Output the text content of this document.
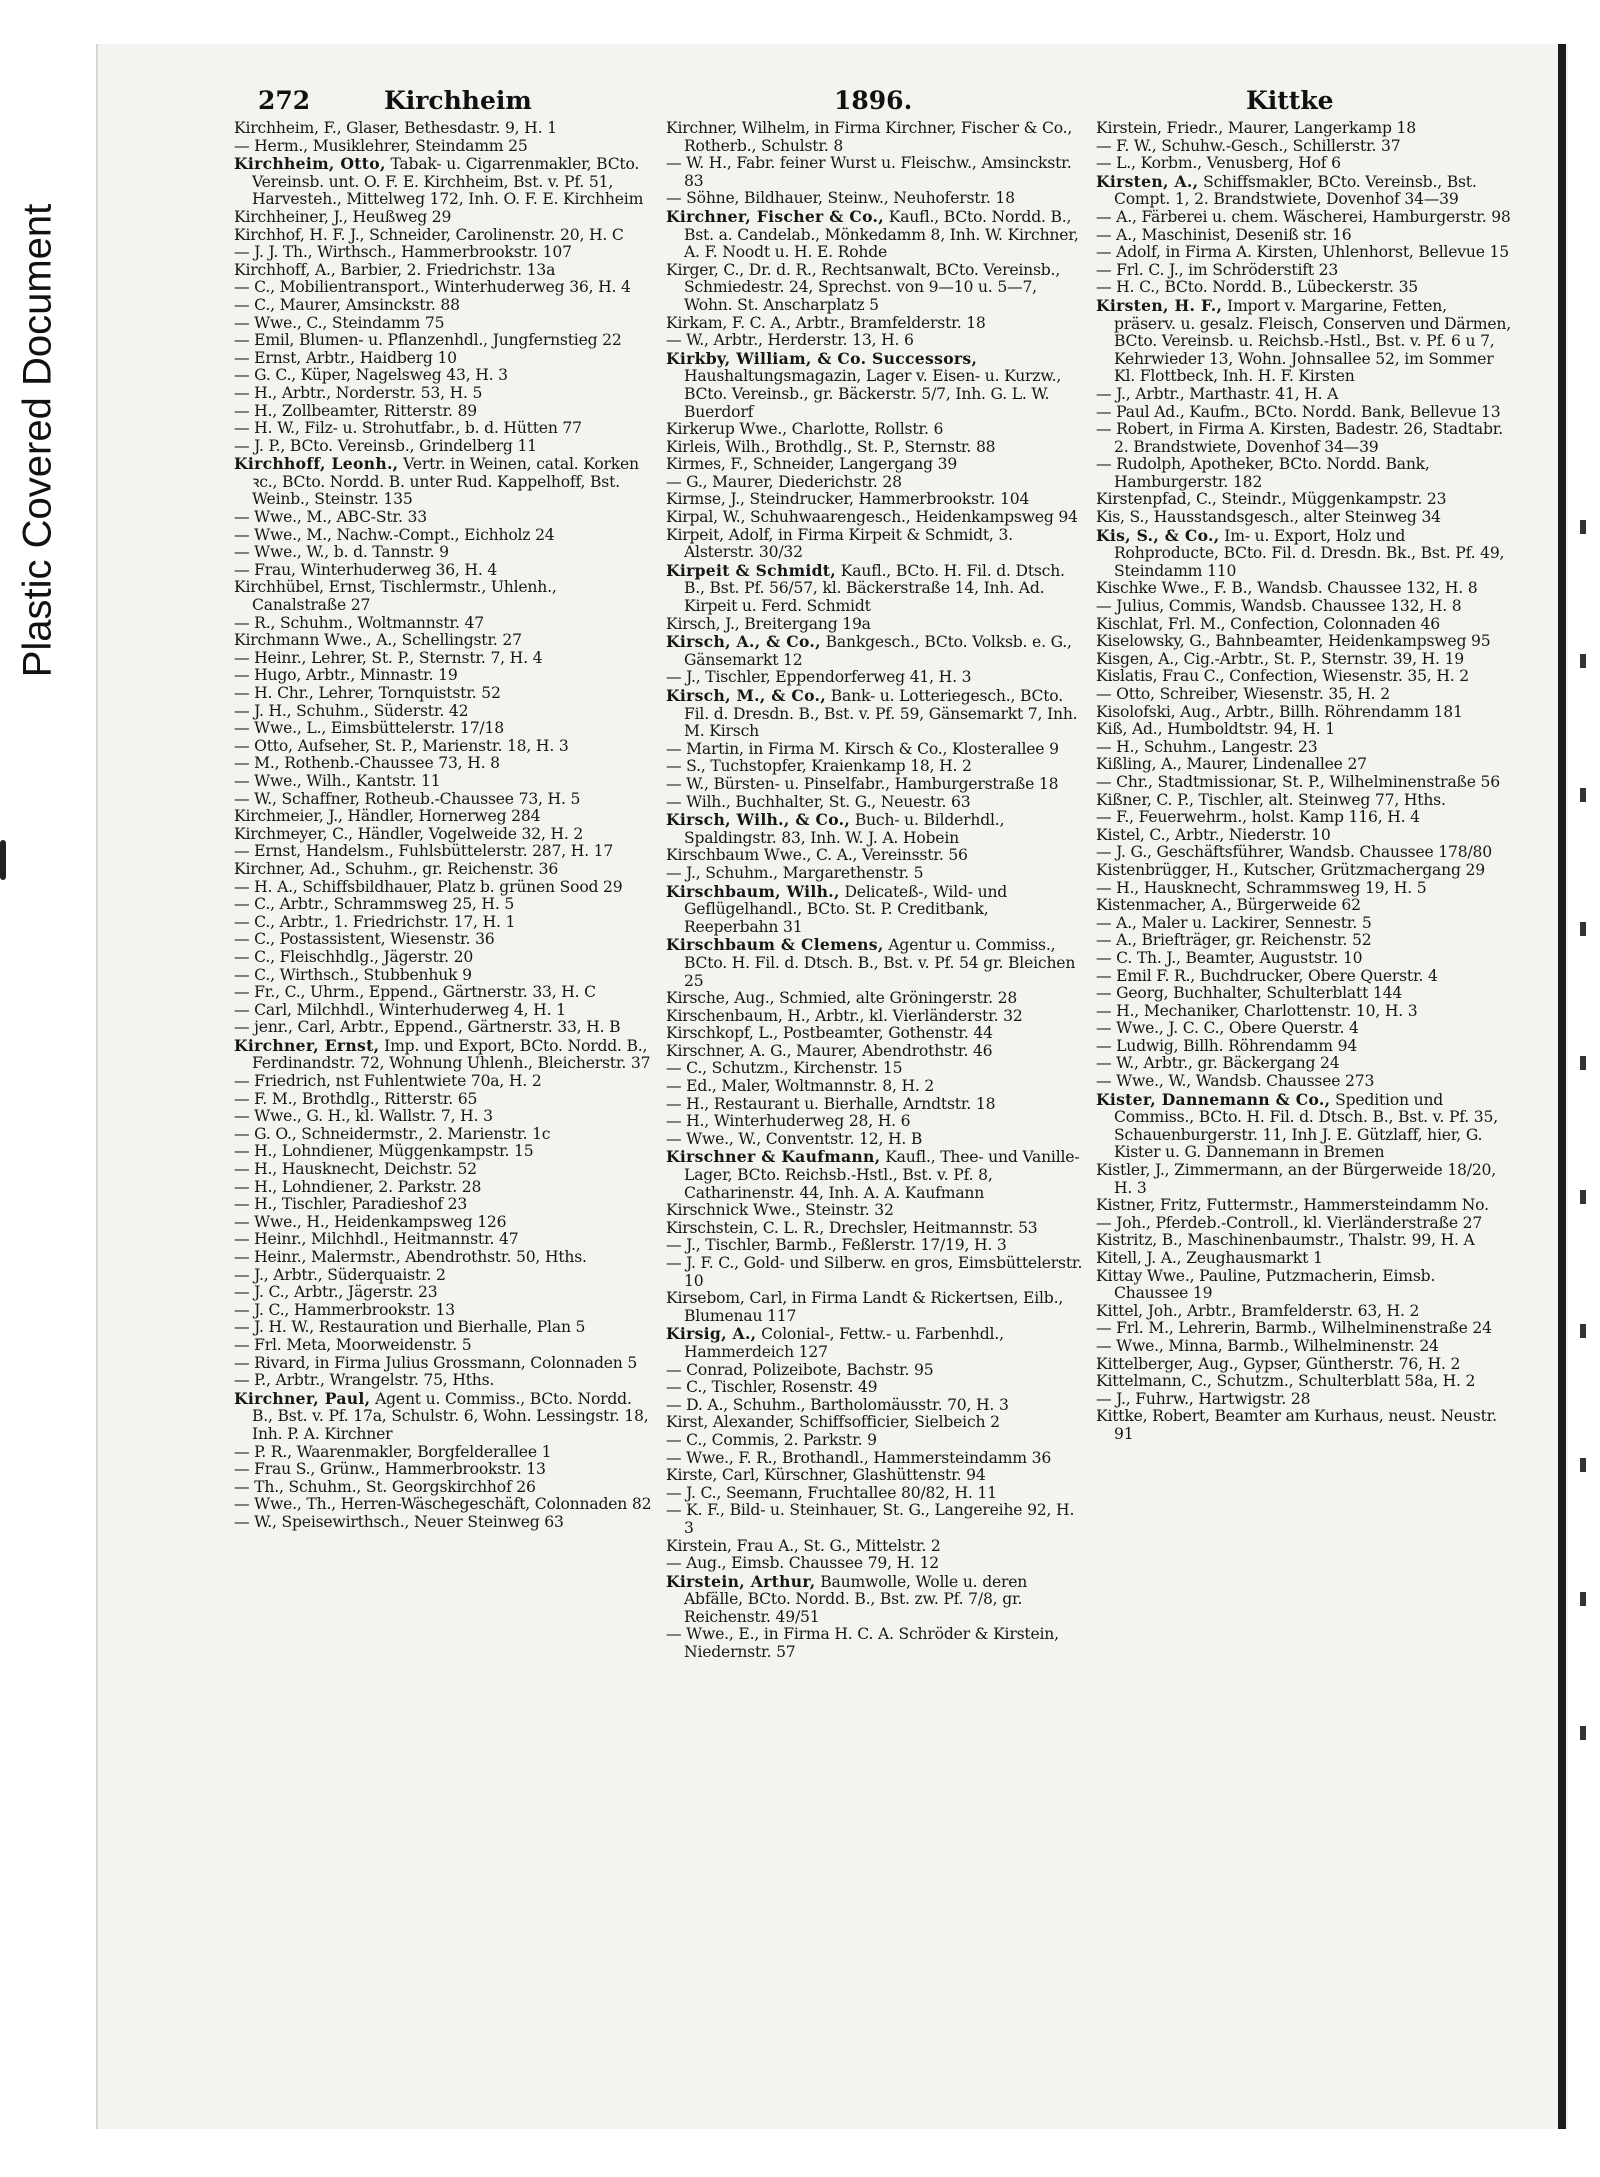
Plastic Covered Document
272	Kirchheim	1896.	Kittke

Kirchheim, F., Glaser, Bethesdastr. 9, H. 1

— Herm., Musiklehrer, Steindamm 25

Kirchheim, Otto, Tabak- u. Cigarrenmakler, BCto. Vereinsb. unt. O. F. E. Kirchheim, Bst. v. Pf. 51, Harvesteh., Mittelweg 172, Inh. O. F. E. Kirchheim

Kirchheiner, J., Heußweg 29

Kirchhof, H. F. J., Schneider, Carolinenstr. 20, H. C

— J. J. Th., Wirthsch., Hammerbrookstr. 107

Kirchhoff, A., Barbier, 2. Friedrichstr. 13a

— C., Mobilientransport., Winterhuderweg 36, H. 4

— C., Maurer, Amsinckstr. 88

— Wwe., C., Steindamm 75

— Emil, Blumen- u. Pflanzenhdl., Jungfernstieg 22

— Ernst, Arbtr., Haidberg 10

— G. C., Küper, Nagelsweg 43, H. 3

— H., Arbtr., Norderstr. 53, H. 5

— H., Zollbeamter, Ritterstr. 89

— H. W., Filz- u. Strohutfabr., b. d. Hütten 77

— J. P., BCto. Vereinsb., Grindelberg 11

Kirchhoff, Leonh., Vertr. in Weinen, catal. Korken ꝛc., BCto. Nordd. B. unter Rud. Kappelhoff, Bst. Weinb., Steinstr. 135

— Wwe., M., ABC-Str. 33

— Wwe., M., Nachw.-Compt., Eichholz 24

— Wwe., W., b. d. Tannstr. 9

— Frau, Winterhuderweg 36, H. 4

Kirchhübel, Ernst, Tischlermstr., Uhlenh., Canalstraße 27

— R., Schuhm., Woltmannstr. 47

Kirchmann Wwe., A., Schellingstr. 27

— Heinr., Lehrer, St. P., Sternstr. 7, H. 4

— Hugo, Arbtr., Minnastr. 19

— H. Chr., Lehrer, Tornquiststr. 52

— J. H., Schuhm., Süderstr. 42

— Wwe., L., Eimsbüttelerstr. 17/18

— Otto, Aufseher, St. P., Marienstr. 18, H. 3

— M., Rothenb.-Chaussee 73, H. 8

— Wwe., Wilh., Kantstr. 11

— W., Schaffner, Rotheub.-Chaussee 73, H. 5

Kirchmeier, J., Händler, Hornerweg 284

Kirchmeyer, C., Händler, Vogelweide 32, H. 2

— Ernst, Handelsm., Fuhlsbüttelerstr. 287, H. 17

Kirchner, Ad., Schuhm., gr. Reichenstr. 36

— H. A., Schiffsbildhauer, Platz b. grünen Sood 29

— C., Arbtr., Schrammsweg 25, H. 5

— C., Arbtr., 1. Friedrichstr. 17, H. 1

— C., Postassistent, Wiesenstr. 36

— C., Fleischhdlg., Jägerstr. 20

— C., Wirthsch., Stubbenhuk 9

— Fr., C., Uhrm., Eppend., Gärtnerstr. 33, H. C

— Carl, Milchhdl., Winterhuderweg 4, H. 1

— jenr., Carl, Arbtr., Eppend., Gärtnerstr. 33, H. B

Kirchner, Ernst, Imp. und Export, BCto. Nordd. B., Ferdinandstr. 72, Wohnung Uhlenh., Bleicherstr. 37

— Friedrich, nst Fuhlentwiete 70a, H. 2

— F. M., Brothdlg., Ritterstr. 65

— Wwe., G. H., kl. Wallstr. 7, H. 3

— G. O., Schneidermstr., 2. Marienstr. 1c

— H., Lohndiener, Müggenkampstr. 15

— H., Hausknecht, Deichstr. 52

— H., Lohndiener, 2. Parkstr. 28

— H., Tischler, Paradieshof 23

— Wwe., H., Heidenkampsweg 126

— Heinr., Milchhdl., Heitmannstr. 47

— Heinr., Malermstr., Abendrothstr. 50, Hths.

— J., Arbtr., Süderquaistr. 2

— J. C., Arbtr., Jägerstr. 23

— J. C., Hammerbrookstr. 13

— J. H. W., Restauration und Bierhalle, Plan 5

— Frl. Meta, Moorweidenstr. 5

— Rivard, in Firma Julius Grossmann, Colonnaden 5

— P., Arbtr., Wrangelstr. 75, Hths.

Kirchner, Paul, Agent u. Commiss., BCto. Nordd. B., Bst. v. Pf. 17a, Schulstr. 6, Wohn. Lessingstr. 18, Inh. P. A. Kirchner

— P. R., Waarenmakler, Borgfelderallee 1

— Frau S., Grünw., Hammerbrookstr. 13

— Th., Schuhm., St. Georgskirchhof 26

— Wwe., Th., Herren-Wäschegeschäft, Colonnaden 82

— W., Speisewirthsch., Neuer Steinweg 63

Kirchner, Wilhelm, in Firma Kirchner, Fischer & Co., Rotherb., Schulstr. 8

— W. H., Fabr. feiner Wurst u. Fleischw., Amsinckstr. 83

— Söhne, Bildhauer, Steinw., Neuhoferstr. 18

Kirchner, Fischer & Co., Kaufl., BCto. Nordd. B., Bst. a. Candelab., Mönkedamm 8, Inh. W. Kirchner, A. F. Noodt u. H. E. Rohde

Kirger, C., Dr. d. R., Rechtsanwalt, BCto. Vereinsb., Schmiedestr. 24, Sprechst. von 9—10 u. 5—7, Wohn. St. Anscharplatz 5

Kirkam, F. C. A., Arbtr., Bramfelderstr. 18

— W., Arbtr., Herderstr. 13, H. 6

Kirkby, William, & Co. Successors, Haushaltungsmagazin, Lager v. Eisen- u. Kurzw., BCto. Vereinsb., gr. Bäckerstr. 5/7, Inh. G. L. W. Buerdorf

Kirkerup Wwe., Charlotte, Rollstr. 6

Kirleis, Wilh., Brothdlg., St. P., Sternstr. 88

Kirmes, F., Schneider, Langergang 39

— G., Maurer, Diederichstr. 28

Kirmse, J., Steindrucker, Hammerbrookstr. 104

Kirpal, W., Schuhwaarengesch., Heidenkampsweg 94

Kirpeit, Adolf, in Firma Kirpeit & Schmidt, 3. Alsterstr. 30/32

Kirpeit & Schmidt, Kaufl., BCto. H. Fil. d. Dtsch. B., Bst. Pf. 56/57, kl. Bäckerstraße 14, Inh. Ad. Kirpeit u. Ferd. Schmidt

Kirsch, J., Breitergang 19a

Kirsch, A., & Co., Bankgesch., BCto. Volksb. e. G., Gänsemarkt 12

— J., Tischler, Eppendorferweg 41, H. 3

Kirsch, M., & Co., Bank- u. Lotteriegesch., BCto. Fil. d. Dresdn. B., Bst. v. Pf. 59, Gänsemarkt 7, Inh. M. Kirsch

— Martin, in Firma M. Kirsch & Co., Klosterallee 9

— S., Tuchstopfer, Kraienkamp 18, H. 2

— W., Bürsten- u. Pinselfabr., Hamburgerstraße 18

— Wilh., Buchhalter, St. G., Neuestr. 63

Kirsch, Wilh., & Co., Buch- u. Bilderhdl., Spaldingstr. 83, Inh. W. J. A. Hobein

Kirschbaum Wwe., C. A., Vereinsstr. 56

— J., Schuhm., Margarethenstr. 5

Kirschbaum, Wilh., Delicateß-, Wild- und Geflügelhandl., BCto. St. P. Creditbank, Reeperbahn 31

Kirschbaum & Clemens, Agentur u. Commiss., BCto. H. Fil. d. Dtsch. B., Bst. v. Pf. 54 gr. Bleichen 25

Kirsche, Aug., Schmied, alte Gröningerstr. 28

Kirschenbaum, H., Arbtr., kl. Vierländerstr. 32

Kirschkopf, L., Postbeamter, Gothenstr. 44

Kirschner, A. G., Maurer, Abendrothstr. 46

— C., Schutzm., Kirchenstr. 15

— Ed., Maler, Woltmannstr. 8, H. 2

— H., Restaurant u. Bierhalle, Arndtstr. 18

— H., Winterhuderweg 28, H. 6

— Wwe., W., Conventstr. 12, H. B

Kirschner & Kaufmann, Kaufl., Thee- und Vanille-Lager, BCto. Reichsb.-Hstl., Bst. v. Pf. 8, Catharinenstr. 44, Inh. A. A. Kaufmann

Kirschnick Wwe., Steinstr. 32

Kirschstein, C. L. R., Drechsler, Heitmannstr. 53

— J., Tischler, Barmb., Feßlerstr. 17/19, H. 3

— J. F. C., Gold- und Silberw. en gros, Eimsbüttelerstr. 10

Kirsebom, Carl, in Firma Landt & Rickertsen, Eilb., Blumenau 117

Kirsig, A., Colonial-, Fettw.- u. Farbenhdl., Hammerdeich 127

— Conrad, Polizeibote, Bachstr. 95

— C., Tischler, Rosenstr. 49

— D. A., Schuhm., Bartholomäusstr. 70, H. 3

Kirst, Alexander, Schiffsofficier, Sielbeich 2

— C., Commis, 2. Parkstr. 9

— Wwe., F. R., Brothandl., Hammersteindamm 36

Kirste, Carl, Kürschner, Glashüttenstr. 94

— J. C., Seemann, Fruchtallee 80/82, H. 11

— K. F., Bild- u. Steinhauer, St. G., Langereihe 92, H. 3

Kirstein, Frau A., St. G., Mittelstr. 2

— Aug., Eimsb. Chaussee 79, H. 12

Kirstein, Arthur, Baumwolle, Wolle u. deren Abfälle, BCto. Nordd. B., Bst. zw. Pf. 7/8, gr. Reichenstr. 49/51

— Wwe., E., in Firma H. C. A. Schröder & Kirstein, Niedernstr. 57

Kirstein, Friedr., Maurer, Langerkamp 18

— F. W., Schuhw.-Gesch., Schillerstr. 37

— L., Korbm., Venusberg, Hof 6

Kirsten, A., Schiffsmakler, BCto. Vereinsb., Bst. Compt. 1, 2. Brandstwiete, Dovenhof 34—39

— A., Färberei u. chem. Wäscherei, Hamburgerstr. 98

— A., Maschinist, Deseniß str. 16

— Adolf, in Firma A. Kirsten, Uhlenhorst, Bellevue 15

— Frl. C. J., im Schröderstift 23

— H. C., BCto. Nordd. B., Lübeckerstr. 35

Kirsten, H. F., Import v. Margarine, Fetten, präserv. u. gesalz. Fleisch, Conserven und Därmen, BCto. Vereinsb. u. Reichsb.-Hstl., Bst. v. Pf. 6 u 7, Kehrwieder 13, Wohn. Johnsallee 52, im Sommer Kl. Flottbeck, Inh. H. F. Kirsten

— J., Arbtr., Marthastr. 41, H. A

— Paul Ad., Kaufm., BCto. Nordd. Bank, Bellevue 13

— Robert, in Firma A. Kirsten, Badestr. 26, Stadtabr. 2. Brandstwiete, Dovenhof 34—39

— Rudolph, Apotheker, BCto. Nordd. Bank, Hamburgerstr. 182

Kirstenpfad, C., Steindr., Müggenkampstr. 23

Kis, S., Hausstandsgesch., alter Steinweg 34

Kis, S., & Co., Im- u. Export, Holz und Rohproducte, BCto. Fil. d. Dresdn. Bk., Bst. Pf. 49, Steindamm 110

Kischke Wwe., F. B., Wandsb. Chaussee 132, H. 8

— Julius, Commis, Wandsb. Chaussee 132, H. 8

Kischlat, Frl. M., Confection, Colonnaden 46

Kiselowsky, G., Bahnbeamter, Heidenkampsweg 95

Kisgen, A., Cig.-Arbtr., St. P., Sternstr. 39, H. 19

Kislatis, Frau C., Confection, Wiesenstr. 35, H. 2

— Otto, Schreiber, Wiesenstr. 35, H. 2

Kisolofski, Aug., Arbtr., Billh. Röhrendamm 181

Kiß, Ad., Humboldtstr. 94, H. 1

— H., Schuhm., Langestr. 23

Kißling, A., Maurer, Lindenallee 27

— Chr., Stadtmissionar, St. P., Wilhelminenstraße 56

Kißner, C. P., Tischler, alt. Steinweg 77, Hths.

— F., Feuerwehrm., holst. Kamp 116, H. 4

Kistel, C., Arbtr., Niederstr. 10

— J. G., Geschäftsführer, Wandsb. Chaussee 178/80

Kistenbrügger, H., Kutscher, Grützmachergang 29

— H., Hausknecht, Schrammsweg 19, H. 5

Kistenmacher, A., Bürgerweide 62

— A., Maler u. Lackirer, Sennestr. 5

— A., Briefträger, gr. Reichenstr. 52

— C. Th. J., Beamter, Auguststr. 10

— Emil F. R., Buchdrucker, Obere Querstr. 4

— Georg, Buchhalter, Schulterblatt 144

— H., Mechaniker, Charlottenstr. 10, H. 3

— Wwe., J. C. C., Obere Querstr. 4

— Ludwig, Billh. Röhrendamm 94

— W., Arbtr., gr. Bäckergang 24

— Wwe., W., Wandsb. Chaussee 273

Kister, Dannemann & Co., Spedition und Commiss., BCto. H. Fil. d. Dtsch. B., Bst. v. Pf. 35, Schauenburgerstr. 11, Inh J. E. Gützlaff, hier, G. Kister u. G. Dannemann in Bremen

Kistler, J., Zimmermann, an der Bürgerweide 18/20, H. 3

Kistner, Fritz, Futtermstr., Hammersteindamm No.

— Joh., Pferdeb.-Controll., kl. Vierländerstraße 27

Kistritz, B., Maschinenbaumstr., Thalstr. 99, H. A

Kitell, J. A., Zeughausmarkt 1

Kittay Wwe., Pauline, Putzmacherin, Eimsb. Chaussee 19

Kittel, Joh., Arbtr., Bramfelderstr. 63, H. 2

— Frl. M., Lehrerin, Barmb., Wilhelminenstraße 24

— Wwe., Minna, Barmb., Wilhelminenstr. 24

Kittelberger, Aug., Gypser, Güntherstr. 76, H. 2

Kittelmann, C., Schutzm., Schulterblatt 58a, H. 2

— J., Fuhrw., Hartwigstr. 28

Kittke, Robert, Beamter am Kurhaus, neust. Neustr. 91
